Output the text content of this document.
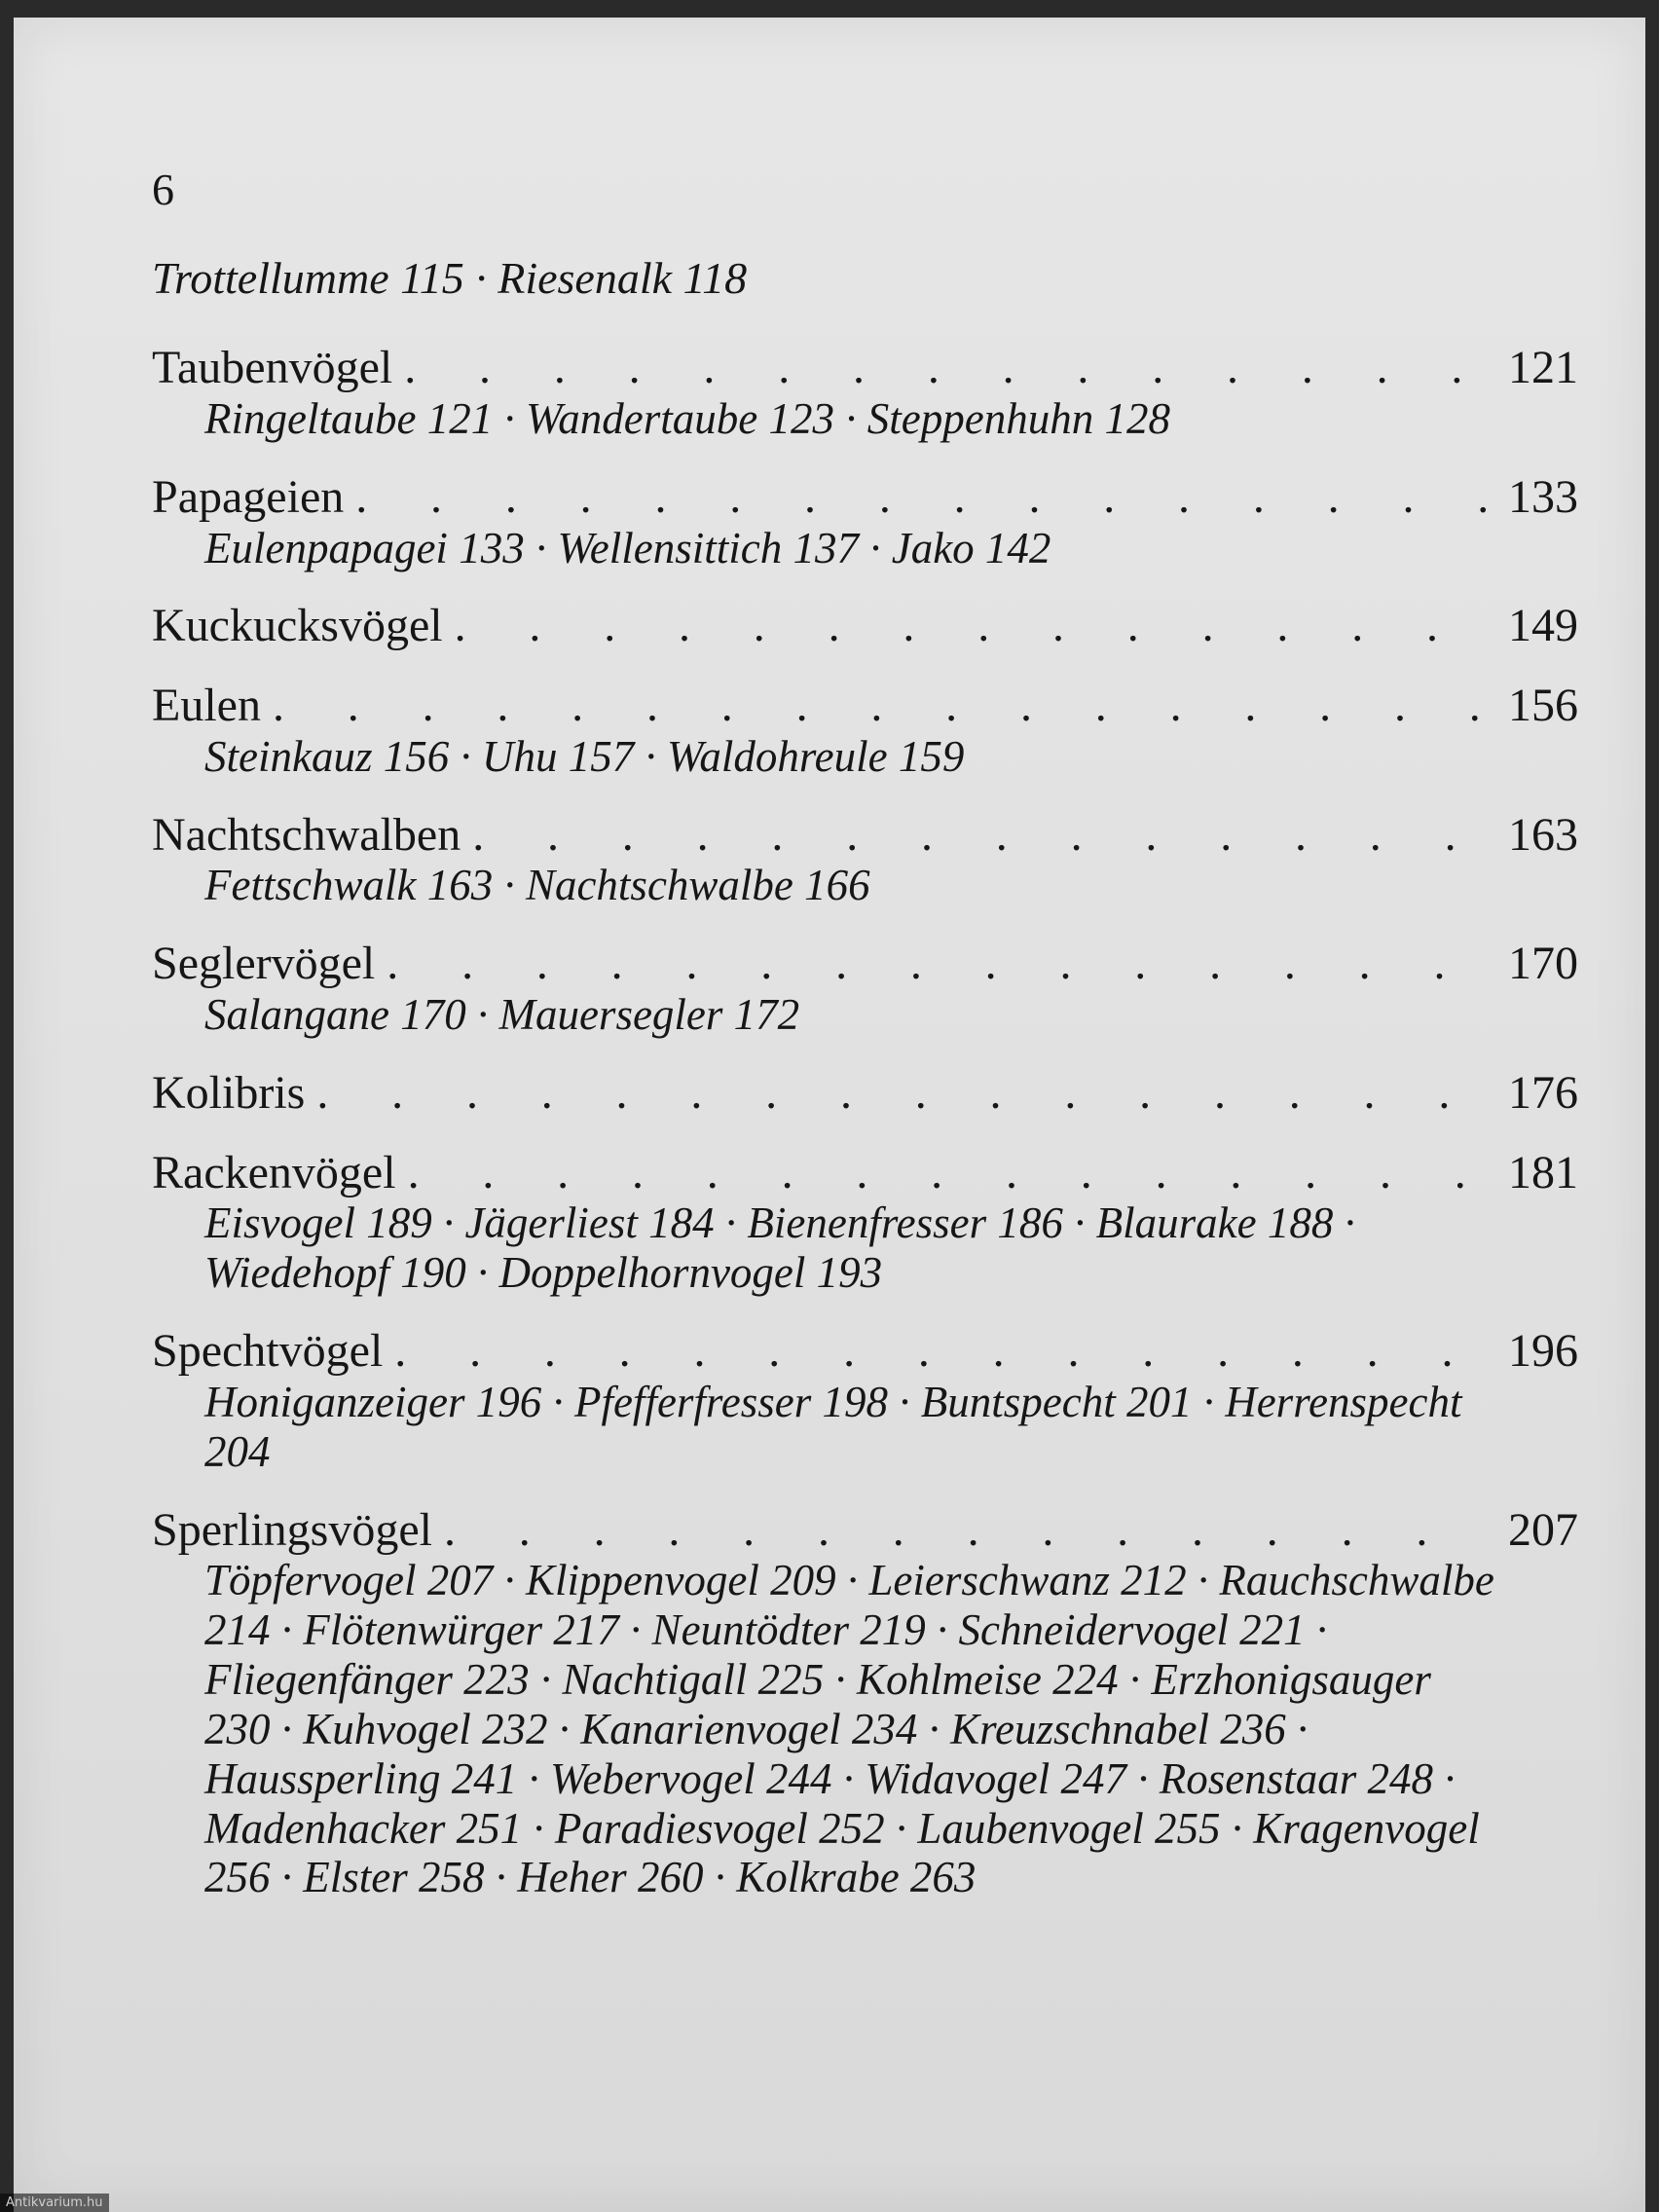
6
Trottellumme 115 · Riesenalk 118
Taubenvögel . . .	121
Ringeltaube 121 · Wandertaube 123 · Steppenhuhn 128
Papageien . . .	133
Eulenpapagei 133 · Wellensittich 137 · Jako 142
Kuckucksvögel . . .	149
Eulen . . .	156
Steinkauz 156 · Uhu 157 · Waldohreule 159
Nachtschwalben . . .	163
Fettschwalk 163 · Nachtschwalbe 166
Seglervögel . . .	170
Salangane 170 · Mauersegler 172
Kolibris . . .	176
Rackenvögel . . .	181
Eisvogel 189 · Jägerliest 184 · Bienenfresser 186 · Blaurake 188 · Wiedehopf 190 · Doppelhornvogel 193
Spechtvögel . . .	196
Honiganzeiger 196 · Pfefferfresser 198 · Buntspecht 201 · Herrenspecht 204
Sperlingsvögel . . .	207
Töpfervogel 207 · Klippenvogel 209 · Leierschwanz 212 · Rauchschwalbe 214 · Flötenwürger 217 · Neuntödter 219 · Schneidervogel 221 · Fliegenfänger 223 · Nachtigall 225 · Kohlmeise 224 · Erzhonigsauger 230 · Kuhvogel 232 · Kanarienvogel 234 · Kreuzschnabel 236 · Haussperling 241 · Webervogel 244 · Widavogel 247 · Rosenstaar 248 · Madenhacker 251 · Paradiesvogel 252 · Laubenvogel 255 · Kragenvogel 256 · Elster 258 · Heher 260 · Kolkrabe 263
Antikvarium.hu
